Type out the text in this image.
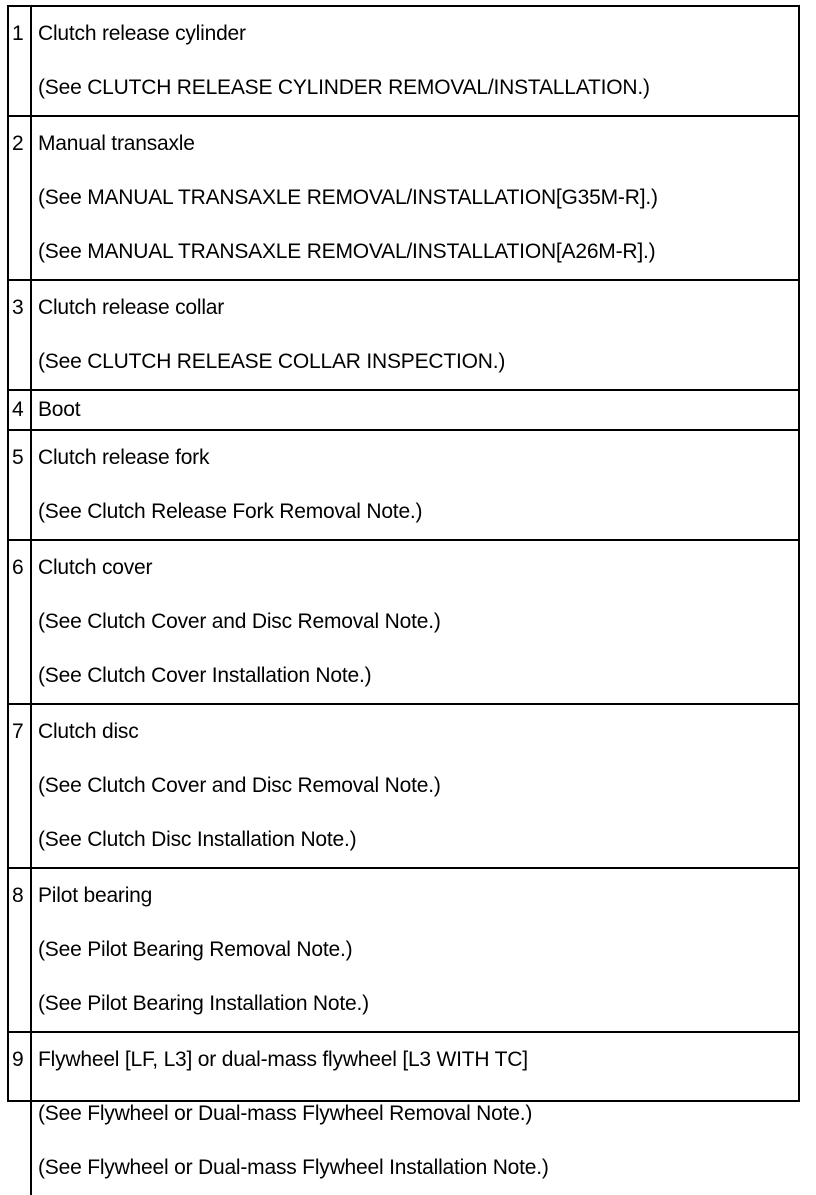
1 Clutch release cylinder
(See CLUTCH RELEASE CYLINDER REMOVAL/INSTALLATION.)
2 Manual transaxle
(See MANUAL TRANSAXLE REMOVAL/INSTALLATION[G35M-R].)
(See MANUAL TRANSAXLE REMOVAL/INSTALLATION[A26M-R].)
3 Clutch release collar
(See CLUTCH RELEASE COLLAR INSPECTION.)
4 Boot
5 Clutch release fork
(See Clutch Release Fork Removal Note.)
6 Clutch cover
(See Clutch Cover and Disc Removal Note.)
(See Clutch Cover Installation Note.)
7 Clutch disc
(See Clutch Cover and Disc Removal Note.)
(See Clutch Disc Installation Note.)
8 Pilot bearing
(See Pilot Bearing Removal Note.)
(See Pilot Bearing Installation Note.)
9 Flywheel [LF, L3] or dual-mass flywheel [L3 WITH TC]
(See Flywheel or Dual-mass Flywheel Removal Note.)
(See Flywheel or Dual-mass Flywheel Installation Note.)
